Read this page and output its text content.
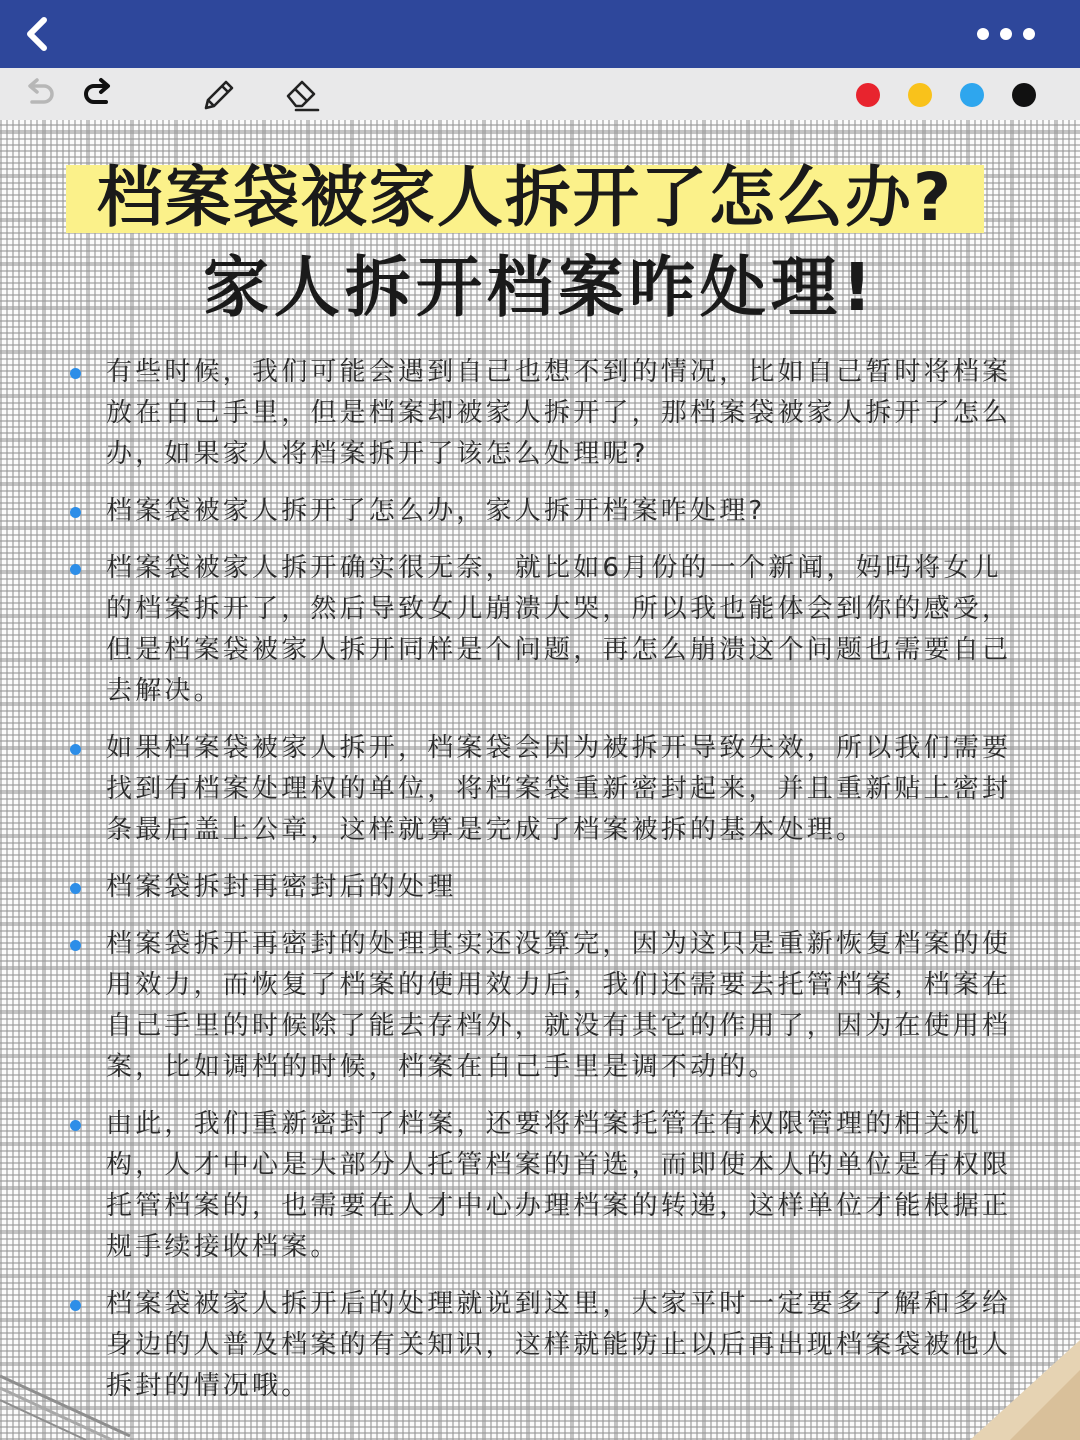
档案袋被家人拆开了怎么办?
家人拆开档案咋处理!
有些时候，我们可能会遇到自己也想不到的情况，比如自己暂时将档案放在自己手里，但是档案却被家人拆开了，那档案袋被家人拆开了怎么办，如果家人将档案拆开了该怎么处理呢?
档案袋被家人拆开了怎么办，家人拆开档案咋处理?
档案袋被家人拆开确实很无奈，就比如6月份的一个新闻，妈吗将女儿的档案拆开了，然后导致女儿崩溃大哭，所以我也能体会到你的感受，但是档案袋被家人拆开同样是个问题，再怎么崩溃这个问题也需要自己去解决。
如果档案袋被家人拆开，档案袋会因为被拆开导致失效，所以我们需要找到有档案处理权的单位，将档案袋重新密封起来，并且重新贴上密封条最后盖上公章，这样就算是完成了档案被拆的基本处理。
档案袋拆封再密封后的处理
档案袋拆开再密封的处理其实还没算完，因为这只是重新恢复档案的使用效力，而恢复了档案的使用效力后，我们还需要去托管档案，档案在自己手里的时候除了能去存档外，就没有其它的作用了，因为在使用档案，比如调档的时候，档案在自己手里是调不动的。
由此，我们重新密封了档案，还要将档案托管在有权限管理的相关机构，人才中心是大部分人托管档案的首选，而即使本人的单位是有权限托管档案的，也需要在人才中心办理档案的转递，这样单位才能根据正规手续接收档案。
档案袋被家人拆开后的处理就说到这里，大家平时一定要多了解和多给身边的人普及档案的有关知识，这样就能防止以后再出现档案袋被他人拆封的情况哦。
